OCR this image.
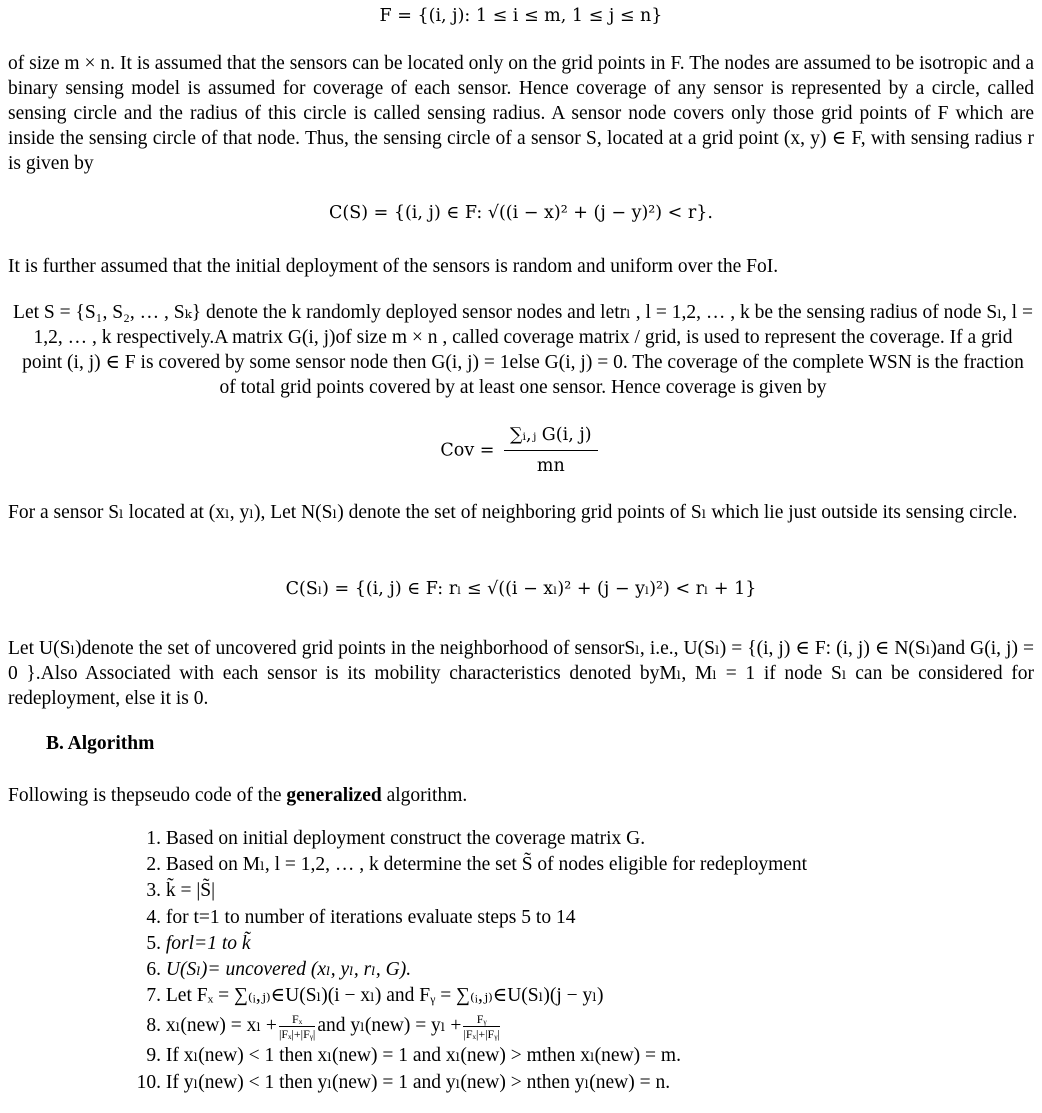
F = {(i, j): 1 ≤ i ≤ m, 1 ≤ j ≤ n}
of size m × n. It is assumed that the sensors can be located only on the grid points in F. The nodes are assumed to be isotropic and a binary sensing model is assumed for coverage of each sensor. Hence coverage of any sensor is represented by a circle, called sensing circle and the radius of this circle is called sensing radius. A sensor node covers only those grid points of F which are inside the sensing circle of that node. Thus, the sensing circle of a sensor S, located at a grid point (x, y) ∈ F, with sensing radius r is given by
C(S) = {(i, j) ∈ F: √((i − x)² + (j − y)²) < r}.
It is further assumed that the initial deployment of the sensors is random and uniform over the FoI.
Let S = {S₁, S₂, … , Sₖ} denote the k randomly deployed sensor nodes and letrₗ , l = 1,2, … , k be the sensing radius of node Sₗ, l = 1,2, … , k respectively.A matrix G(i, j)of size m × n , called coverage matrix / grid, is used to represent the coverage. If a grid point (i, j) ∈ F is covered by some sensor node then G(i, j) = 1else G(i, j) = 0. The coverage of the complete WSN is the fraction of total grid points covered by at least one sensor. Hence coverage is given by
Cov = $\frac{\text{∑ᵢ,ⱼ G(i, j)}}{mn}$
For a sensor Sₗ located at (xₗ, yₗ), Let N(Sₗ) denote the set of neighboring grid points of Sₗ which lie just outside its sensing circle.
C(Sₗ) = {(i, j) ∈ F: rₗ ≤ √((i − xₗ)² + (j − yₗ)²) < rₗ + 1}
Let U(Sₗ)denote the set of uncovered grid points in the neighborhood of sensorSₗ, i.e., U(Sₗ) = {(i, j) ∈ F: (i, j) ∈ N(Sₗ)and G(i, j) = 0 }.Also Associated with each sensor is its mobility characteristics denoted byMₗ, Mₗ = 1 if node Sₗ can be considered for redeployment, else it is 0.
B. Algorithm
Following is thepseudo code of the generalized algorithm.
1. Based on initial deployment construct the coverage matrix G.
2. Based on Mₗ, l = 1,2, … , k determine the set S̃ of nodes eligible for redeployment
3. k̃ = |S̃|
4. for t=1 to number of iterations evaluate steps 5 to 14
5. forl=1 to k̃
6. U(Sₗ)= uncovered (xₗ, yₗ, rₗ, G).
7. Let Fₓ = ∑₍ᵢ,ⱼ₎∈U(Sₗ)(i − xₗ) and Fᵧ = ∑₍ᵢ,ⱼ₎∈U(Sₗ)(j − yₗ)
8. $x_l(new) = x_l + \frac{\text{Fₓ}}{\text{|Fₓ|+|Fᵧ|}}$ and $y_l(new) = y_l + \frac{\text{Fᵧ}}{\text{|Fₓ|+|Fᵧ|}}$
9. If xₗ(new) < 1 then xₗ(new) = 1 and xₗ(new) > mthen xₗ(new) = m.
10. If yₗ(new) < 1 then yₗ(new) = 1 and yₗ(new) > nthen yₗ(new) = n.
